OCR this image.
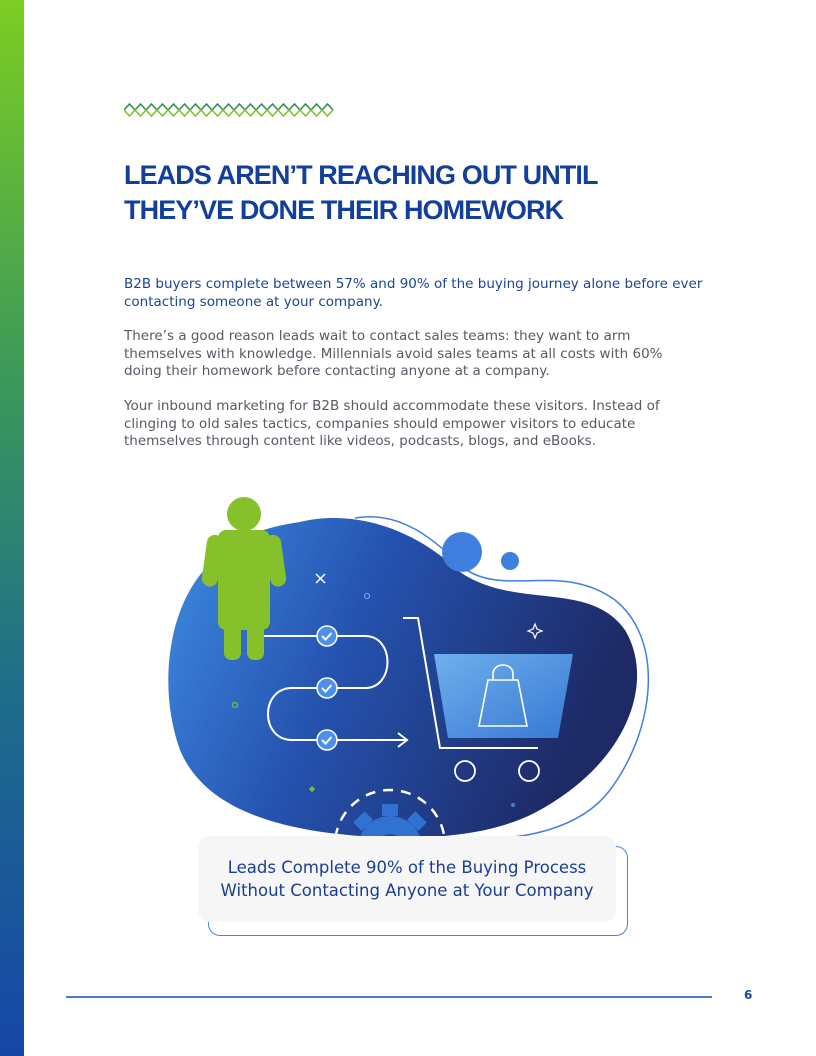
LEADS AREN’T REACHING OUT UNTIL
THEY’VE DONE THEIR HOMEWORK

B2B buyers complete between 57% and 90% of the buying journey alone before ever contacting someone at your company.

There’s a good reason leads wait to contact sales teams: they want to arm themselves with knowledge. Millennials avoid sales teams at all costs with 60% doing their homework before contacting anyone at a company.

Your inbound marketing for B2B should accommodate these visitors. Instead of clinging to old sales tactics, companies should empower visitors to educate themselves through content like videos, podcasts, blogs, and eBooks.

Leads Complete 90% of the Buying Process
Without Contacting Anyone at Your Company
6
